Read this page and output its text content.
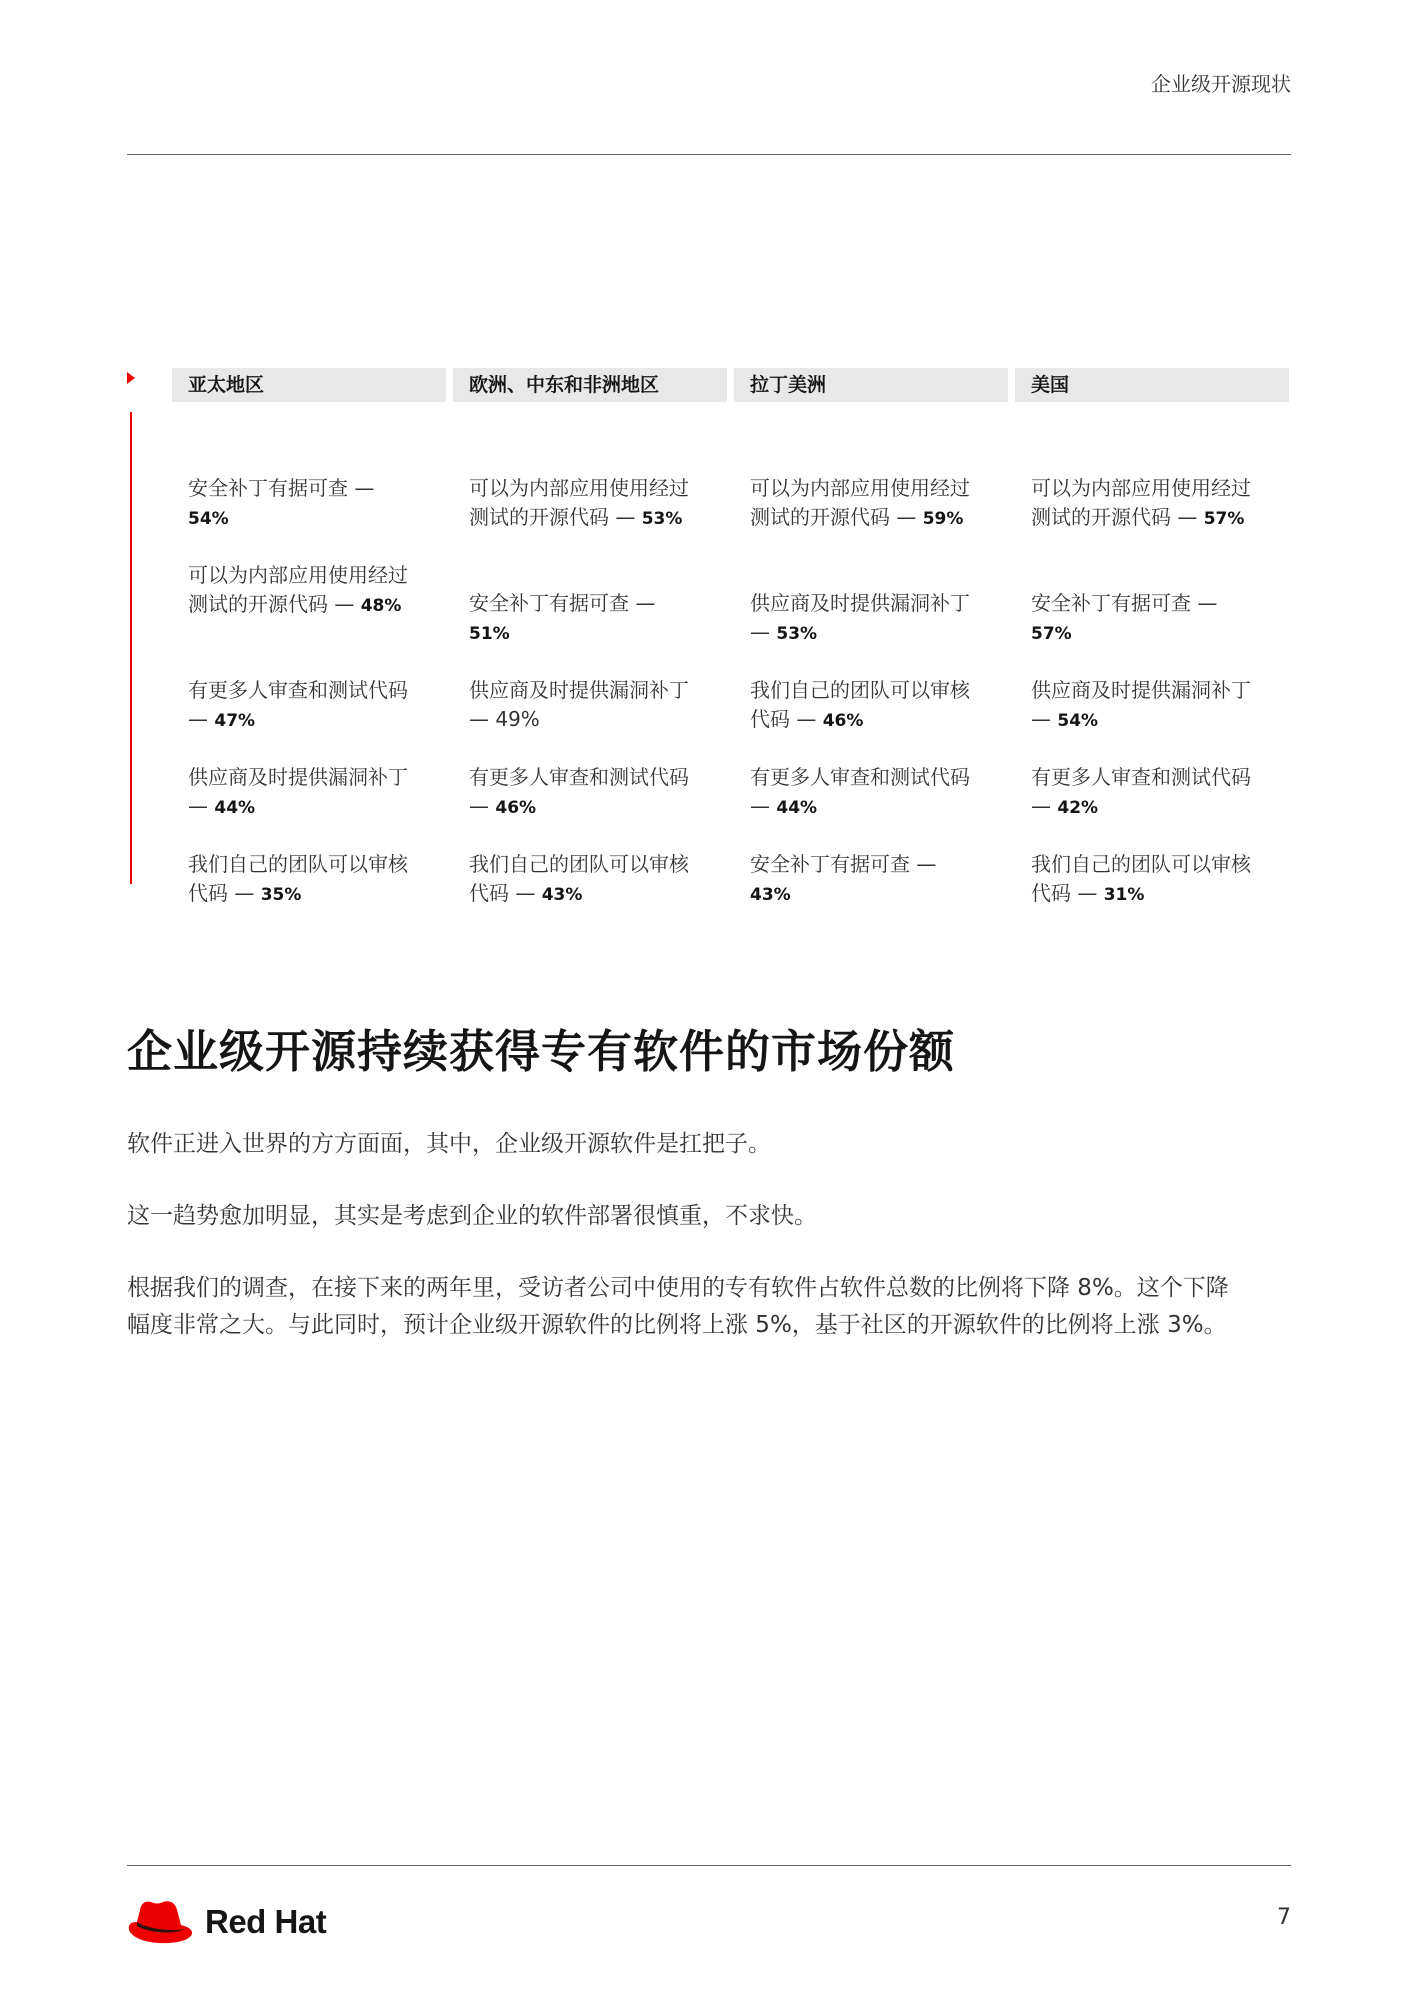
企业级开源现状
亚太地区
安全补丁有据可查 —
54%
可以为内部应用使用经过测试的开源代码 — 48%
有更多人审查和测试代码 — 47%
供应商及时提供漏洞补丁 — 44%
我们自己的团队可以审核代码 — 35%
欧洲、中东和非洲地区
可以为内部应用使用经过测试的开源代码 — 53%
安全补丁有据可查 —
51%
供应商及时提供漏洞补丁 — 49%
有更多人审查和测试代码 — 46%
我们自己的团队可以审核代码 — 43%
拉丁美洲
可以为内部应用使用经过测试的开源代码 — 59%
供应商及时提供漏洞补丁 — 53%
我们自己的团队可以审核代码 — 46%
有更多人审查和测试代码 — 44%
安全补丁有据可查 —
43%
美国
可以为内部应用使用经过测试的开源代码 — 57%
安全补丁有据可查 —
57%
供应商及时提供漏洞补丁 — 54%
有更多人审查和测试代码 — 42%
我们自己的团队可以审核代码 — 31%
企业级开源持续获得专有软件的市场份额

软件正进入世界的方方面面，其中，企业级开源软件是扛把子。

这一趋势愈加明显，其实是考虑到企业的软件部署很慎重，不求快。

根据我们的调查，在接下来的两年里，受访者公司中使用的专有软件占软件总数的比例将下降 8%。这个下降幅度非常之大。与此同时，预计企业级开源软件的比例将上涨 5%，基于社区的开源软件的比例将上涨 3%。

Red Hat	7
